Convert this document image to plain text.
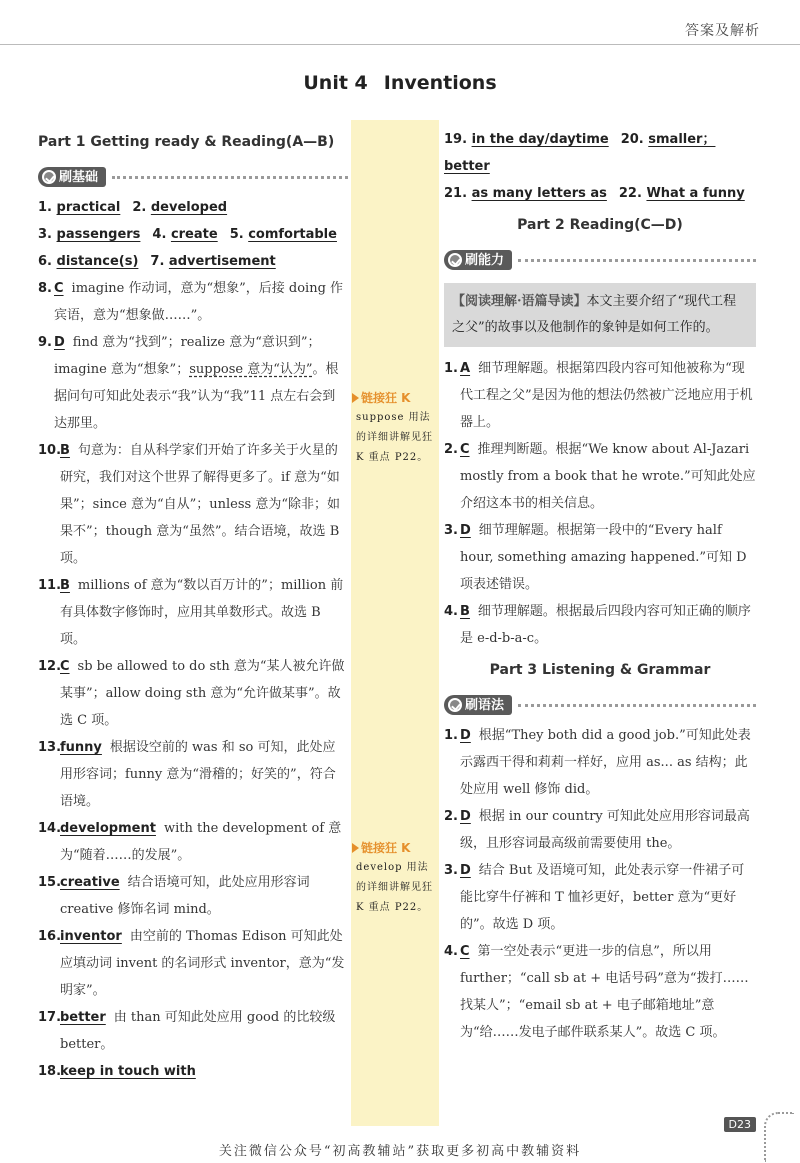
答案及解析
Unit 4 Inventions
Part 1 Getting ready & Reading(A—B)
刷基础
1. practical 2. developed
3. passengers 4. create 5. comfortable
6. distance(s) 7. advertisement
8. C imagine 作动词，意为“想象”，后接 doing 作宾语，意为“想象做……”。
9. D find 意为“找到”；realize 意为“意识到”；imagine 意为“想象”；suppose 意为“认为”。根据问句可知此处表示“我”认为“我”11 点左右会到达那里。
10.
B 句意为：自从科学家们开始了许多关于火星的研究，我们对这个世界了解得更多了。if 意为“如果”；since 意为“自从”；unless 意为“除非；如果不”；though 意为“虽然”。结合语境，故选 B 项。
11.
B millions of 意为“数以百万计的”；million 前有具体数字修饰时，应用其单数形式。故选 B 项。
12.
C sb be allowed to do sth 意为“某人被允许做某事”；allow doing sth 意为“允许做某事”。故选 C 项。
13.
funny 根据设空前的 was 和 so 可知，此处应用形容词；funny 意为“滑稽的；好笑的”，符合语境。
14.
development with the development of 意为“随着……的发展”。
15.
creative 结合语境可知，此处应用形容词 creative 修饰名词 mind。
16.
inventor 由空前的 Thomas Edison 可知此处应填动词 invent 的名词形式 inventor，意为“发明家”。
17.
better 由 than 可知此处应用 good 的比较级 better。
18.
keep in touch with
链接狂 K
suppose 用法的详细讲解见狂 K 重点 P22。
链接狂 K
develop 用法的详细讲解见狂 K 重点 P22。
19. in the day/daytime 20. smaller；better
21. as many letters as 22. What a funny
Part 2 Reading(C—D)
刷能力
【阅读理解·语篇导读】本文主要介绍了“现代工程之父”的故事以及他制作的象钟是如何工作的。
1. A 细节理解题。根据第四段内容可知他被称为“现代工程之父”是因为他的想法仍然被广泛地应用于机器上。
2. C 推理判断题。根据“We know about Al-Jazari mostly from a book that he wrote.”可知此处应介绍这本书的相关信息。
3. D 细节理解题。根据第一段中的“Every half hour, something amazing happened.”可知 D 项表述错误。
4. B 细节理解题。根据最后四段内容可知正确的顺序是 e-d-b-a-c。
Part 3 Listening & Grammar
刷语法
1. D 根据“They both did a good job.”可知此处表示露西干得和莉莉一样好，应用 as... as 结构；此处应用 well 修饰 did。
2. D 根据 in our country 可知此处应用形容词最高级，且形容词最高级前需要使用 the。
3. D 结合 But 及语境可知，此处表示穿一件裙子可能比穿牛仔裤和 T 恤衫更好，better 意为“更好的”。故选 D 项。
4. C 第一空处表示“更进一步的信息”，所以用 further；“call sb at + 电话号码”意为“拨打……找某人”；“email sb at + 电子邮箱地址”意为“给……发电子邮件联系某人”。故选 C 项。
D23
关注微信公众号“初高教辅站”获取更多初高中教辅资料
